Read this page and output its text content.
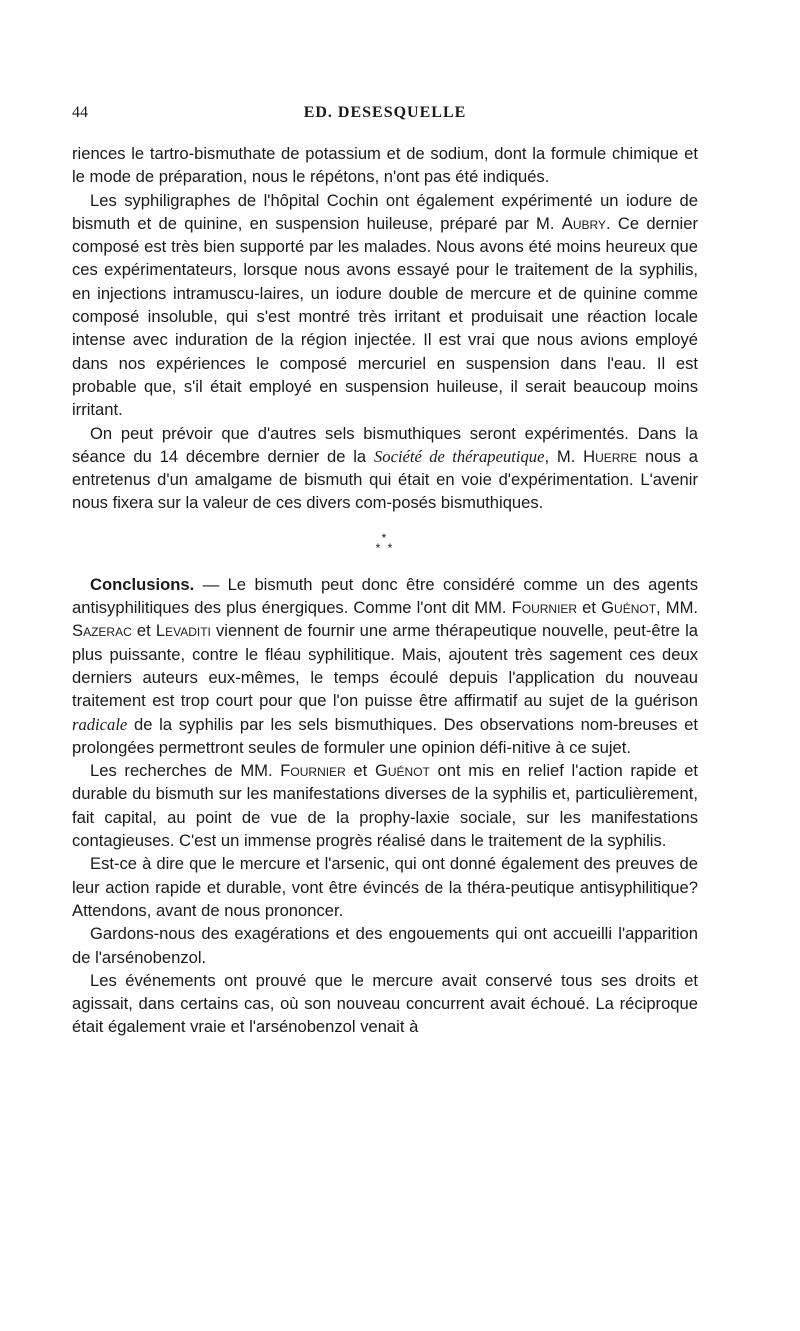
44	ED. DESESQUELLE

riences le tartro-bismuthate de potassium et de sodium, dont la formule chimique et le mode de préparation, nous le répétons, n'ont pas été indiqués.

Les syphiligraphes de l'hôpital Cochin ont également expérimenté un iodure de bismuth et de quinine, en suspension huileuse, préparé par M. Aubry. Ce dernier composé est très bien supporté par les malades. Nous avons été moins heureux que ces expérimentateurs, lorsque nous avons essayé pour le traitement de la syphilis, en injections intramuscu-laires, un iodure double de mercure et de quinine comme composé insoluble, qui s'est montré très irritant et produisait une réaction locale intense avec induration de la région injectée. Il est vrai que nous avions employé dans nos expériences le composé mercuriel en suspension dans l'eau. Il est probable que, s'il était employé en suspension huileuse, il serait beaucoup moins irritant.

On peut prévoir que d'autres sels bismuthiques seront expérimentés. Dans la séance du 14 décembre dernier de la Société de thérapeutique, M. Huerre nous a entretenus d'un amalgame de bismuth qui était en voie d'expérimentation. L'avenir nous fixera sur la valeur de ces divers com-posés bismuthiques.

*
* *

Conclusions. — Le bismuth peut donc être considéré comme un des agents antisyphilitiques des plus énergiques. Comme l'ont dit MM. Fournier et Guénot, MM. Sazerac et Levaditi viennent de fournir une arme thérapeutique nouvelle, peut-être la plus puissante, contre le fléau syphilitique. Mais, ajoutent très sagement ces deux derniers auteurs eux-mêmes, le temps écoulé depuis l'application du nouveau traitement est trop court pour que l'on puisse être affirmatif au sujet de la guérison radicale de la syphilis par les sels bismuthiques. Des observations nom-breuses et prolongées permettront seules de formuler une opinion défi-nitive à ce sujet.

Les recherches de MM. Fournier et Guénot ont mis en relief l'action rapide et durable du bismuth sur les manifestations diverses de la syphilis et, particulièrement, fait capital, au point de vue de la prophy-laxie sociale, sur les manifestations contagieuses. C'est un immense progrès réalisé dans le traitement de la syphilis.

Est-ce à dire que le mercure et l'arsenic, qui ont donné également des preuves de leur action rapide et durable, vont être évincés de la théra-peutique antisyphilitique? Attendons, avant de nous prononcer.

Gardons-nous des exagérations et des engouements qui ont accueilli l'apparition de l'arsénobenzol.

Les événements ont prouvé que le mercure avait conservé tous ses droits et agissait, dans certains cas, où son nouveau concurrent avait échoué. La réciproque était également vraie et l'arsénobenzol venait à
